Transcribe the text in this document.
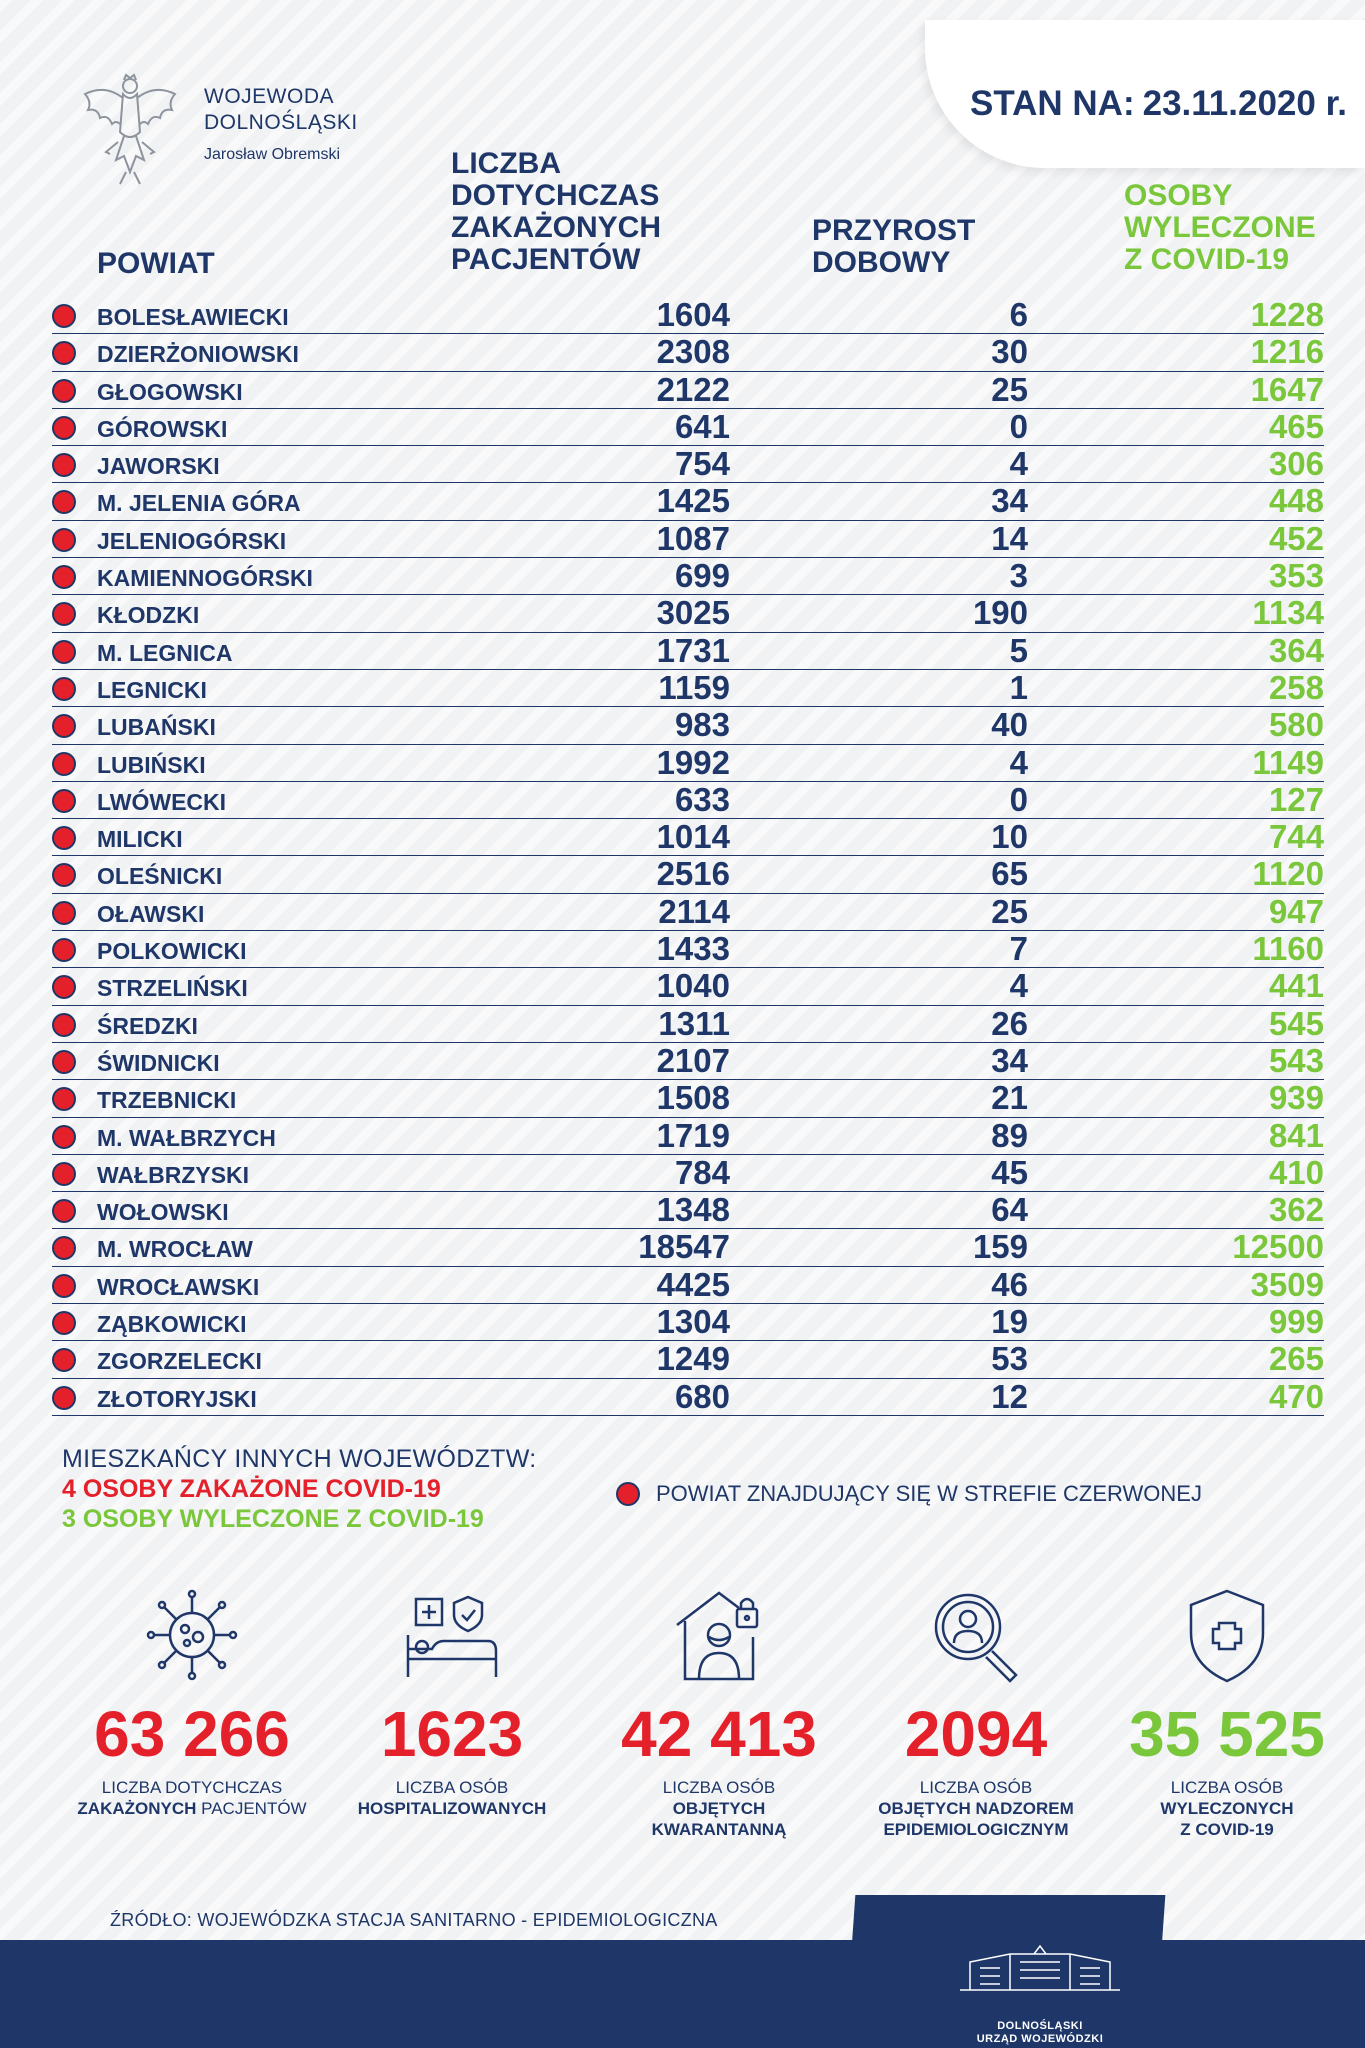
STAN NA: 23.11.2020 r.
WOJEWODA
DOLNOŚLĄSKI
Jarosław Obremski
POWIAT
LICZBA
DOTYCHCZAS
ZAKAŻONYCH
PACJENTÓW
PRZYROST
DOBOWY
OSOBY
WYLECZONE
Z COVID-19
BOLESŁAWIECKI	1604	6	1228
DZIERŻONIOWSKI	2308	30	1216
GŁOGOWSKI	2122	25	1647
GÓROWSKI	641	0	465
JAWORSKI	754	4	306
M. JELENIA GÓRA	1425	34	448
JELENIOGÓRSKI	1087	14	452
KAMIENNOGÓRSKI	699	3	353
KŁODZKI	3025	190	1134
M. LEGNICA	1731	5	364
LEGNICKI	1159	1	258
LUBAŃSKI	983	40	580
LUBIŃSKI	1992	4	1149
LWÓWECKI	633	0	127
MILICKI	1014	10	744
OLEŚNICKI	2516	65	1120
OŁAWSKI	2114	25	947
POLKOWICKI	1433	7	1160
STRZELIŃSKI	1040	4	441
ŚREDZKI	1311	26	545
ŚWIDNICKI	2107	34	543
TRZEBNICKI	1508	21	939
M. WAŁBRZYCH	1719	89	841
WAŁBRZYSKI	784	45	410
WOŁOWSKI	1348	64	362
M. WROCŁAW	18547	159	12500
WROCŁAWSKI	4425	46	3509
ZĄBKOWICKI	1304	19	999
ZGORZELECKI	1249	53	265
ZŁOTORYJSKI	680	12	470
MIESZKAŃCY INNYCH WOJEWÓDZTW:
4 OSOBY ZAKAŻONE COVID-19
3 OSOBY WYLECZONE Z COVID-19
POWIAT ZNAJDUJĄCY SIĘ W STREFIE CZERWONEJ
63 266
LICZBA DOTYCHCZAS
ZAKAŻONYCH PACJENTÓW
1623
LICZBA OSÓB
HOSPITALIZOWANYCH
42 413
LICZBA OSÓB
OBJĘTYCH
KWARANTANNĄ
2094
LICZBA OSÓB
OBJĘTYCH NADZOREM
EPIDEMIOLOGICZNYM
35 525
LICZBA OSÓB
WYLECZONYCH
Z COVID-19
ŹRÓDŁO: WOJEWÓDZKA STACJA SANITARNO - EPIDEMIOLOGICZNA
DOLNOŚLĄSKI
URZĄD WOJEWÓDZKI
